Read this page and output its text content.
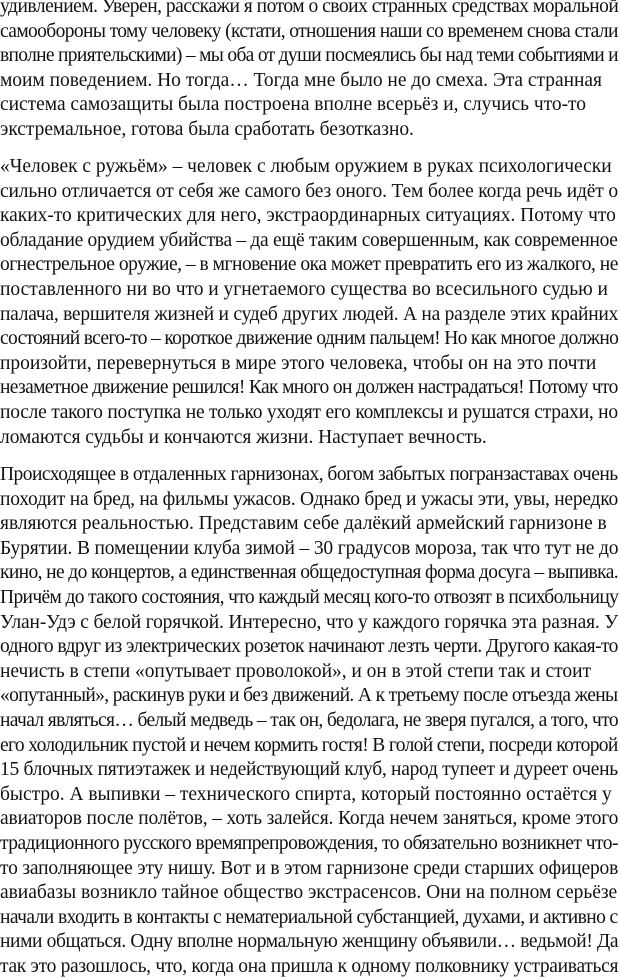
удивлением. Уверен, расскажи я потом о своих странных средствах моральной
самообороны тому человеку (кстати, отношения наши со временем снова стали
вполне приятельскими) – мы оба от души посмеялись бы над теми событиями и
моим поведением. Но тогда… Тогда мне было не до смеха. Эта странная
система самозащиты была построена вполне всерьёз и, случись что-то
экстремальное, готова была сработать безотказно.
«Человек с ружьём» – человек с любым оружием в руках психологически
сильно отличается от себя же самого без оного. Тем более когда речь идёт о
каких-то критических для него, экстраординарных ситуациях. Потому что
обладание орудием убийства – да ещё таким совершенным, как современное
огнестрельное оружие, – в мгновение ока может превратить его из жалкого, не
поставленного ни во что и угнетаемого существа во всесильного судью и
палача, вершителя жизней и судеб других людей. А на разделе этих крайних
состояний всего-то – короткое движение одним пальцем! Но как многое должно
произойти, перевернуться в мире этого человека, чтобы он на это почти
незаметное движение решился! Как много он должен настрадаться! Потому что
после такого поступка не только уходят его комплексы и рушатся страхи, но
ломаются судьбы и кончаются жизни. Наступает вечность.
Происходящее в отдаленных гарнизонах, богом забытых погранзаставах очень
походит на бред, на фильмы ужасов. Однако бред и ужасы эти, увы, нередко
являются реальностью. Представим себе далёкий армейский гарнизоне в
Бурятии. В помещении клуба зимой – 30 градусов мороза, так что тут не до
кино, не до концертов, а единственная общедоступная форма досуга – выпивка.
Причём до такого состояния, что каждый месяц кого-то отвозят в психбольницу
Улан-Удэ с белой горячкой. Интересно, что у каждого горячка эта разная. У
одного вдруг из электрических розеток начинают лезть черти. Другого какая-то
нечисть в степи «опутывает проволокой», и он в этой степи так и стоит
«опутанный», раскинув руки и без движений. А к третьему после отъезда жены
начал являться… белый медведь – так он, бедолага, не зверя пугался, а того, что
его холодильник пустой и нечем кормить гостя! В голой степи, посреди которой
15 блочных пятиэтажек и недействующий клуб, народ тупеет и дуреет очень
быстро. А выпивки – технического спирта, который постоянно остаётся у
авиаторов после полётов, – хоть залейся. Когда нечем заняться, кроме этого
традиционного русского времяпрепровождения, то обязательно возникнет что-
то заполняющее эту нишу. Вот и в этом гарнизоне среди старших офицеров
авиабазы возникло тайное общество экстрасенсов. Они на полном серьёзе
начали входить в контакты с нематериальной субстанцией, духами, и активно с
ними общаться. Одну вполне нормальную женщину объявили… ведьмой! Да
так это разошлось, что, когда она пришла к одному полковнику устраиваться
